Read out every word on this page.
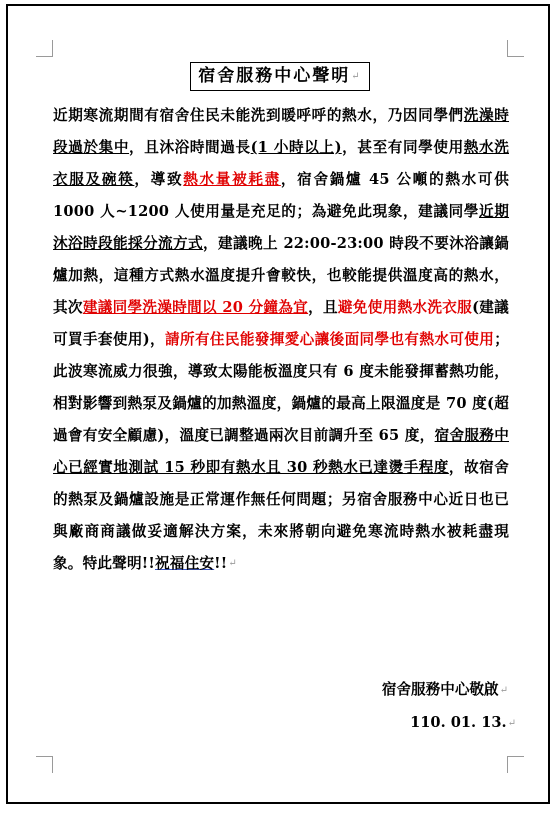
宿舍服務中心聲明↵
近期寒流期間有宿舍住民未能洗到暖呼呼的熱水，乃因同學們洗澡時段過於集中，且沐浴時間過長(1 小時以上)，甚至有同學使用熱水洗衣服及碗筷，導致熱水量被耗盡，宿舍鍋爐 45 公噸的熱水可供 1000 人~1200 人使用量是充足的；為避免此現象，建議同學近期沐浴時段能採分流方式，建議晚上 22:00-23:00 時段不要沐浴讓鍋爐加熱，這種方式熱水溫度提升會較快，也較能提供溫度高的熱水，其次建議同學洗澡時間以 20 分鐘為宜，且避免使用熱水洗衣服(建議可買手套使用)，請所有住民能發揮愛心讓後面同學也有熱水可使用；此波寒流威力很強，導致太陽能板溫度只有 6 度未能發揮蓄熱功能，相對影響到熱泵及鍋爐的加熱溫度，鍋爐的最高上限溫度是 70 度(超過會有安全顧慮)，溫度已調整過兩次目前調升至 65 度，宿舍服務中心已經實地測試 15 秒即有熱水且 30 秒熱水已達燙手程度，故宿舍的熱泵及鍋爐設施是正常運作無任何問題；另宿舍服務中心近日也已與廠商商議做妥適解決方案，未來將朝向避免寒流時熱水被耗盡現象。特此聲明!!祝福住安!!↵
宿舍服務中心敬啟↵
110. 01. 13.↵
